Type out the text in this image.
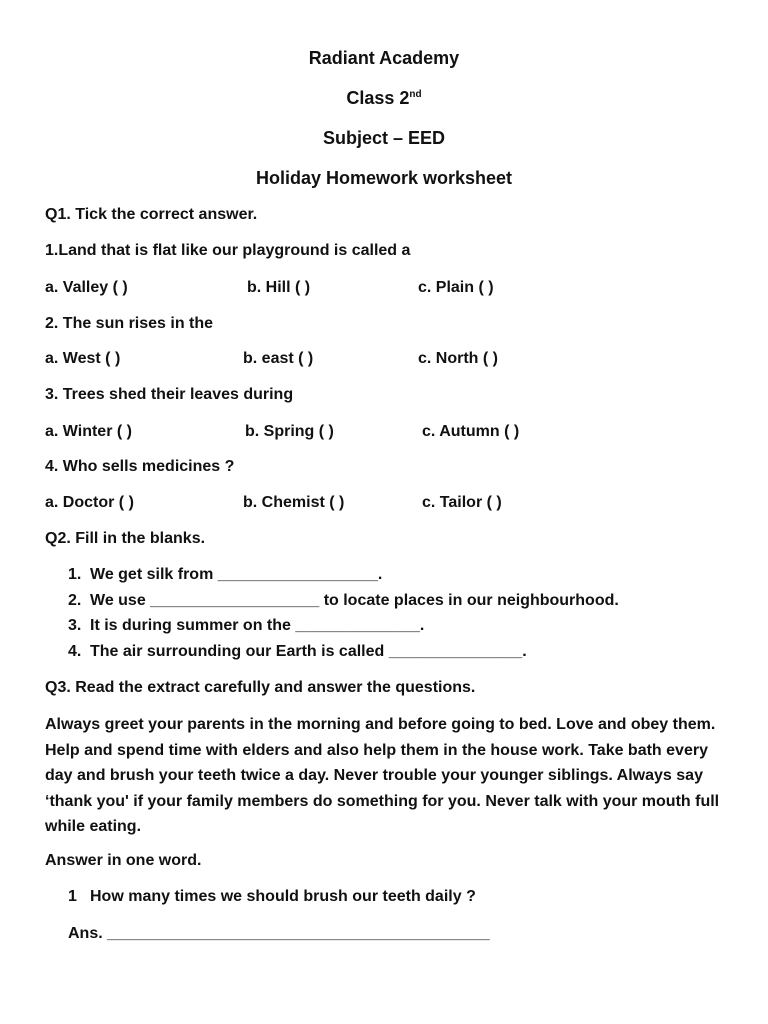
Radiant Academy
Class 2nd
Subject – EED
Holiday Homework worksheet
Q1. Tick the correct answer.
1.Land that is flat like our playground is called a
a. Valley ( )	b. Hill ( )	c. Plain ( )
2. The sun rises in the
a. West ( )	b. east ( )	c. North ( )
3. Trees shed their leaves during
a. Winter ( )	b. Spring ( )	c. Autumn ( )
4. Who sells medicines ?
a. Doctor ( )	b. Chemist ( )	c. Tailor ( )
Q2. Fill in the blanks.
1. We get silk from __________________.
2. We use ___________________ to locate places in our neighbourhood.
3. It is during summer on the ______________.
4. The air surrounding our Earth is called _______________.
Q3. Read the extract carefully and answer the questions.
Always greet your parents in the morning and before going to bed. Love and obey them. Help and spend time with elders and also help them in the house work. Take bath every day and brush your teeth twice a day. Never trouble your younger siblings. Always say ‘thank you' if your family members do something for you. Never talk with your mouth full while eating.
Answer in one word.
1 How many times we should brush our teeth daily ?
Ans. ___________________________________________
